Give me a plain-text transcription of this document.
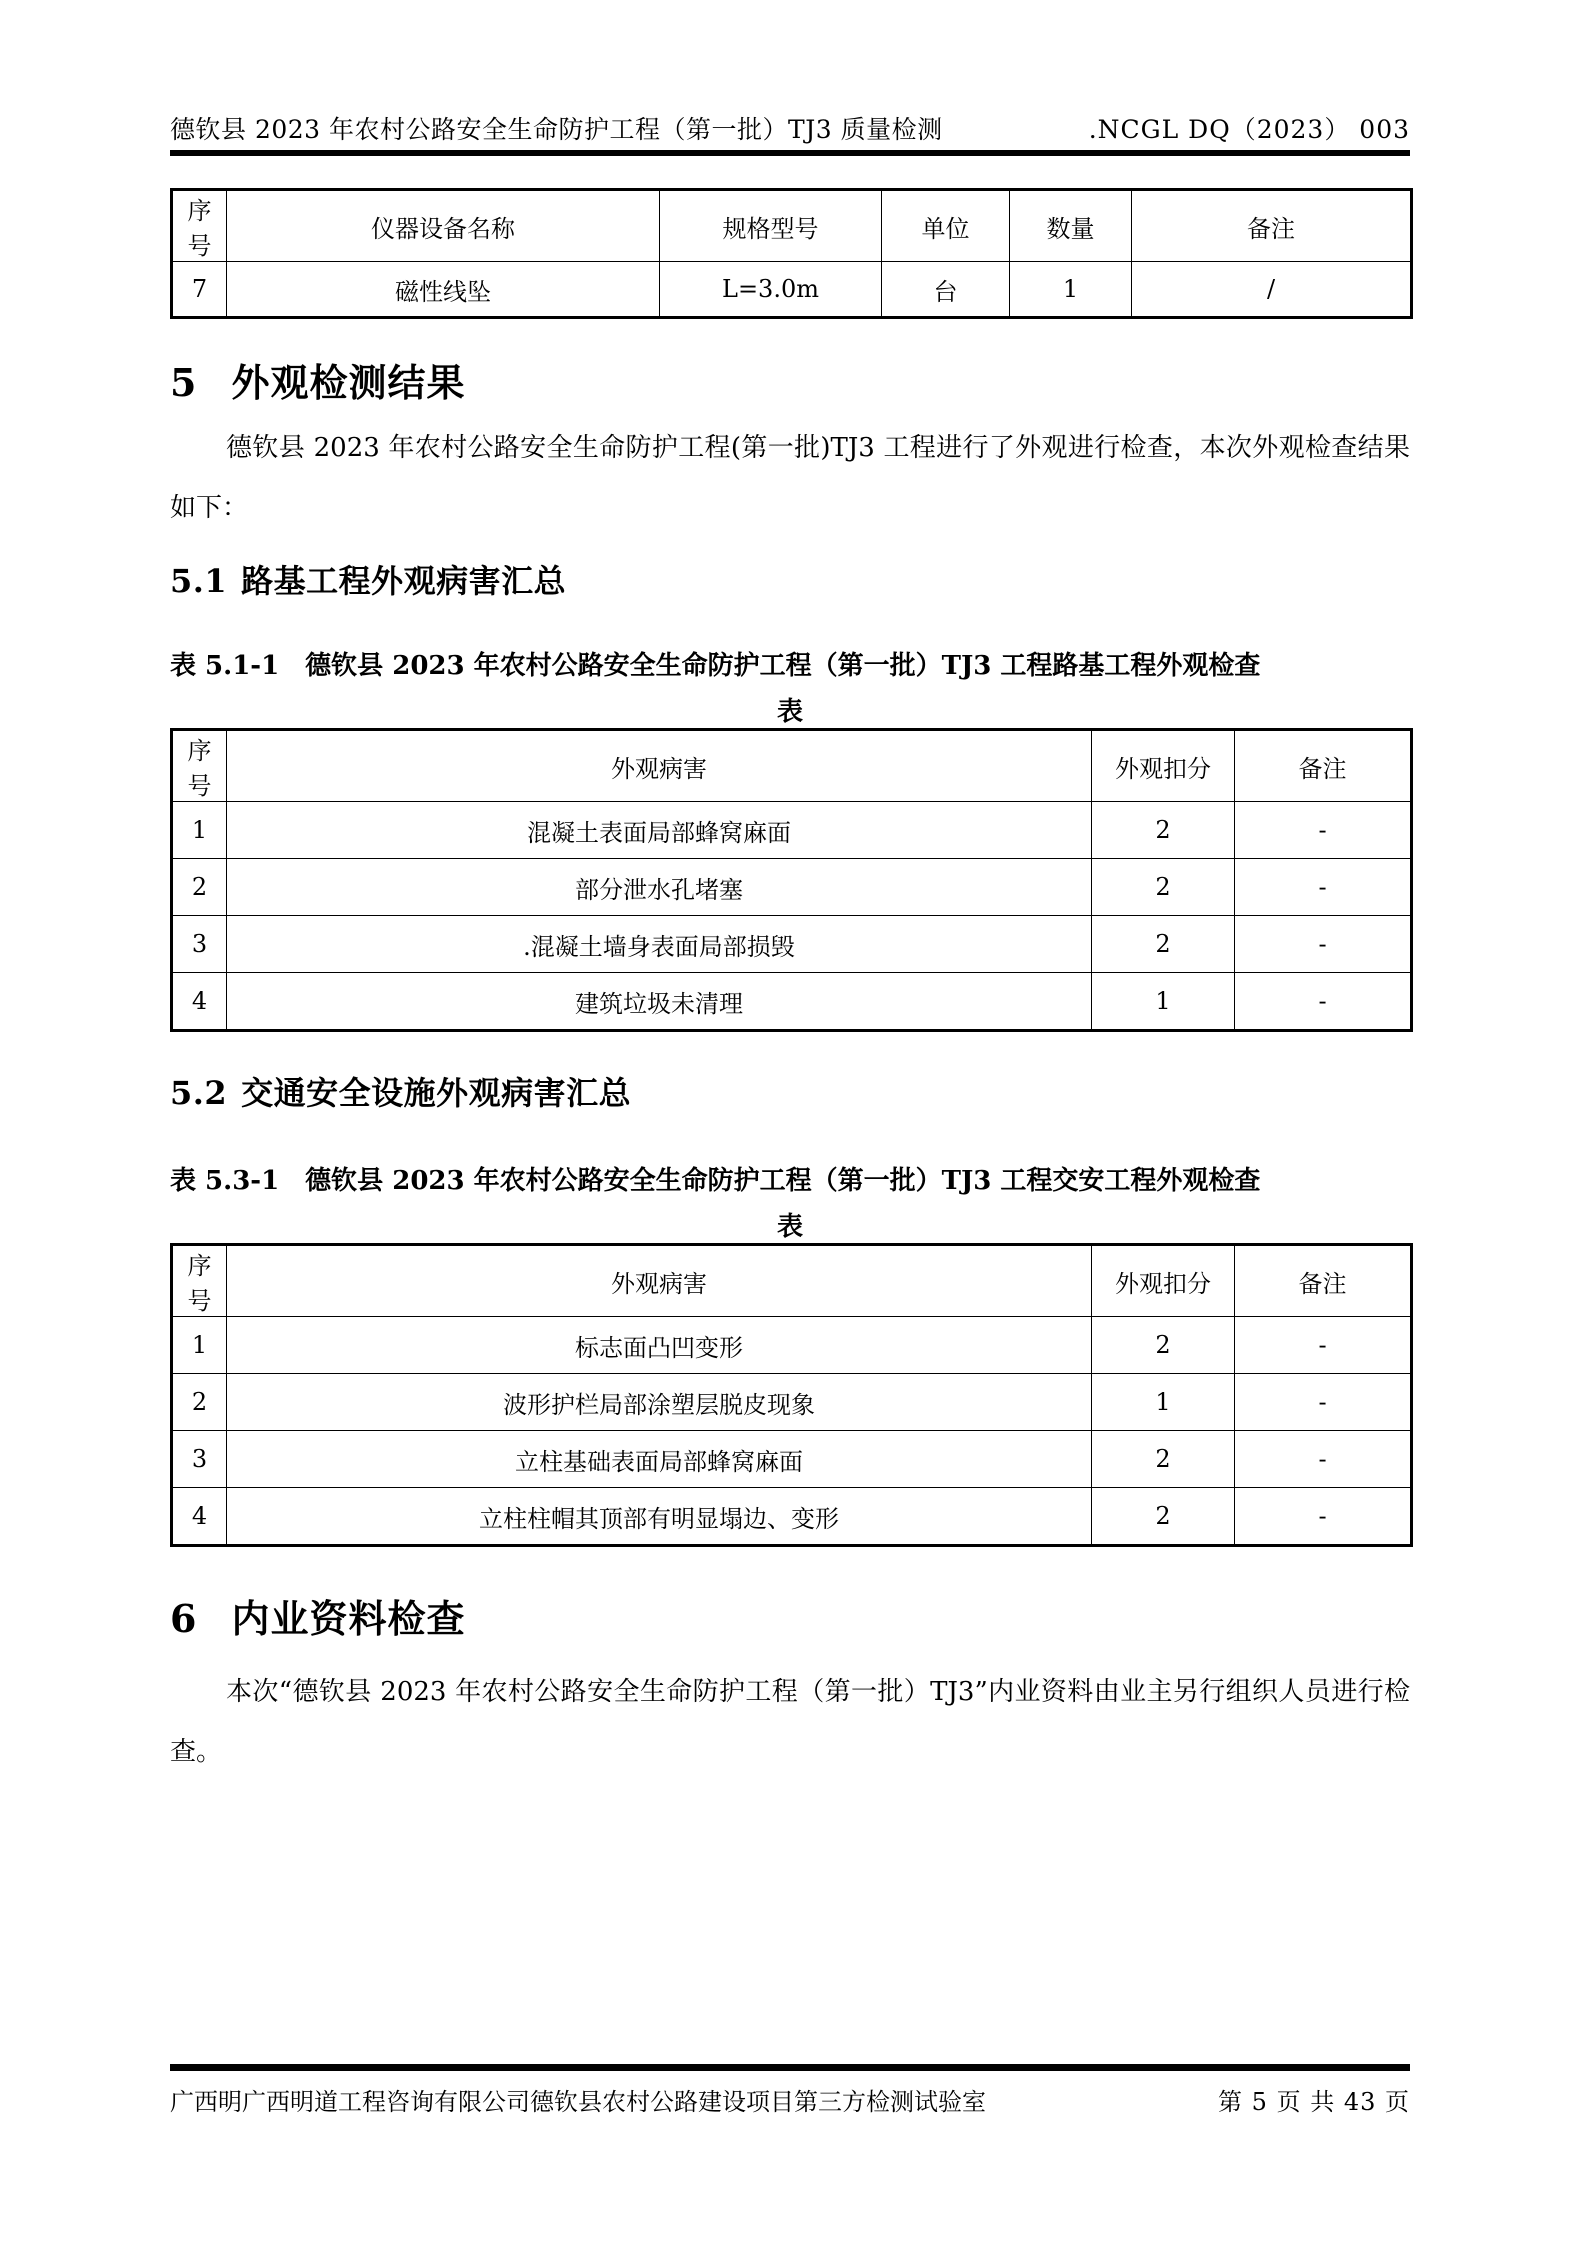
德钦县 2023 年农村公路安全生命防护工程（第一批）TJ3 质量检测	.NCGL DQ（2023） 003
序号	仪器设备名称	规格型号	单位	数量	备注
7	磁性线坠	L=3.0m	台	1	/
5 外观检测结果
德钦县 2023 年农村公路安全生命防护工程(第一批)TJ3 工程进行了外观进行检查，本次外观检查结果如下：
5.1 路基工程外观病害汇总
表 5.1-1 德钦县 2023 年农村公路安全生命防护工程（第一批）TJ3 工程路基工程外观检查
表
序号	外观病害	外观扣分	备注
1	混凝土表面局部蜂窝麻面	2	-
2	部分泄水孔堵塞	2	-
3	.混凝土墙身表面局部损毁	2	-
4	建筑垃圾未清理	1	-
5.2 交通安全设施外观病害汇总
表 5.3-1 德钦县 2023 年农村公路安全生命防护工程（第一批）TJ3 工程交安工程外观检查
表
序号	外观病害	外观扣分	备注
1	标志面凸凹变形	2	-
2	波形护栏局部涂塑层脱皮现象	1	-
3	立柱基础表面局部蜂窝麻面	2	-
4	立柱柱帽其顶部有明显塌边、变形	2	-
6 内业资料检查
本次“德钦县 2023 年农村公路安全生命防护工程（第一批）TJ3”内业资料由业主另行组织人员进行检查。
广西明广西明道工程咨询有限公司德钦县农村公路建设项目第三方检测试验室	第 5 页 共 43 页
